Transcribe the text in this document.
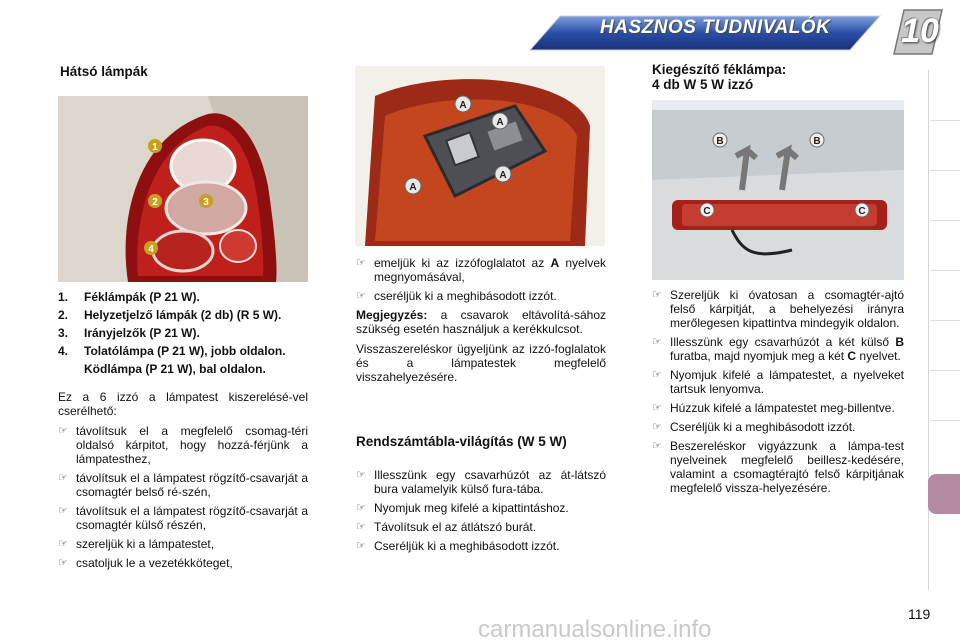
HASZNOS TUDNIVALÓK 10
Hátsó lámpák
1
2	3
4
1. Féklámpák (P 21 W).
2. Helyzetjelző lámpák (2 db) (R 5 W).
3. Irányjelzők (P 21 W).
4. Tolatólámpa (P 21 W), jobb oldalon.
Ködlámpa (P 21 W), bal oldalon.

Ez a 6 izzó a lámpatest kiszerelésé-vel cserélhető:

☞ távolítsuk el a megfelelő csomag-téri oldalsó kárpitot, hogy hozzá-férjünk a lámpatesthez,
☞ távolítsuk el a lámpatest rögzítő-csavarját a csomagtér belső ré-szén,
☞ távolítsuk el a lámpatest rögzítő-csavarját a csomagtér külső részén,
☞ szereljük ki a lámpatestet,
☞ csatoljuk le a vezetékköteget,
A
A
A
A
☞ emeljük ki az izzófoglalatot az A nyelvek megnyomásával,
☞ cseréljük ki a meghibásodott izzót.

Megjegyzés: a csavarok eltávolítá-sához szükség esetén használjuk a kerékkulcsot.

Visszaszereléskor ügyeljünk az izzó-foglalatok és a lámpatestek megfelelő visszahelyezésére.

Rendszámtábla-világítás (W 5 W)
☞ Illesszünk egy csavarhúzót az át-látszó bura valamelyik külső fura-tába.
☞ Nyomjuk meg kifelé a kipattintáshoz.
☞ Távolítsuk el az átlátszó burát.
☞ Cseréljük ki a meghibásodott izzót.
Kiegészítő féklámpa:
4 db W 5 W izzó
B	B
C	C
☞ Szereljük ki óvatosan a csomagtér-ajtó felső kárpitját, a behelyezési irányra merőlegesen kipattintva mindegyik oldalon.
☞ Illesszünk egy csavarhúzót a két külső B furatba, majd nyomjuk meg a két C nyelvet.
☞ Nyomjuk kifelé a lámpatestet, a nyelveket tartsuk lenyomva.
☞ Húzzuk kifelé a lámpatestet meg-billentve.
☞ Cseréljük ki a meghibásodott izzót.
☞ Beszereléskor vigyázzunk a lámpa-test nyelveinek megfelelő beillesz-kedésére, valamint a csomagtérajtó felső kárpitjának megfelelő vissza-helyezésére.
119
carmanualsonline.info
